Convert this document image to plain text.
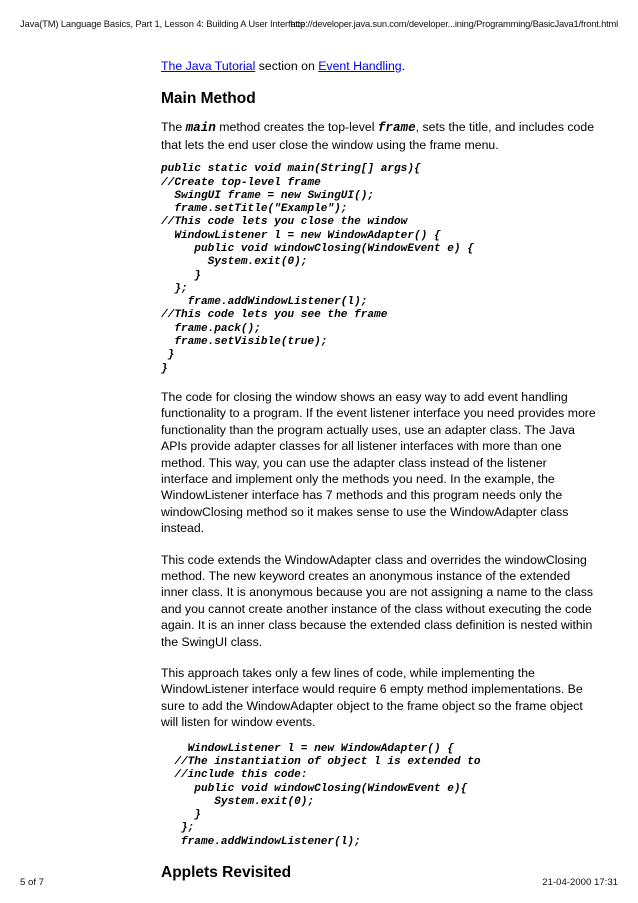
Java(TM) Language Basics, Part 1, Lesson 4: Building A User Interface
http://developer.java.sun.com/developer...ining/Programming/BasicJava1/front.html

The Java Tutorial section on Event Handling.

Main Method

The main method creates the top-level frame, sets the title, and includes code that lets the end user close the window using the frame menu.

public static void main(String[] args){
//Create top-level frame
SwingUI frame = new SwingUI();
frame.setTitle("Example");
//This code lets you close the window
WindowListener l = new WindowAdapter() {
public void windowClosing(WindowEvent e) {
System.exit(0);
}
};
frame.addWindowListener(l);
//This code lets you see the frame
frame.pack();
frame.setVisible(true);
}
}

The code for closing the window shows an easy way to add event handling functionality to a program. If the event listener interface you need provides more functionality than the program actually uses, use an adapter class. The Java APIs provide adapter classes for all listener interfaces with more than one method. This way, you can use the adapter class instead of the listener interface and implement only the methods you need. In the example, the WindowListener interface has 7 methods and this program needs only the windowClosing method so it makes sense to use the WindowAdapter class instead.

This code extends the WindowAdapter class and overrides the windowClosing method. The new keyword creates an anonymous instance of the extended inner class. It is anonymous because you are not assigning a name to the class and you cannot create another instance of the class without executing the code again. It is an inner class because the extended class definition is nested within the SwingUI class.

This approach takes only a few lines of code, while implementing the WindowListener interface would require 6 empty method implementations. Be sure to add the WindowAdapter object to the frame object so the frame object will listen for window events.

WindowListener l = new WindowAdapter() {
//The instantiation of object l is extended to
//include this code:
public void windowClosing(WindowEvent e){
System.exit(0);
}
};
frame.addWindowListener(l);
Applets Revisited
5 of 7	21-04-2000 17:31
